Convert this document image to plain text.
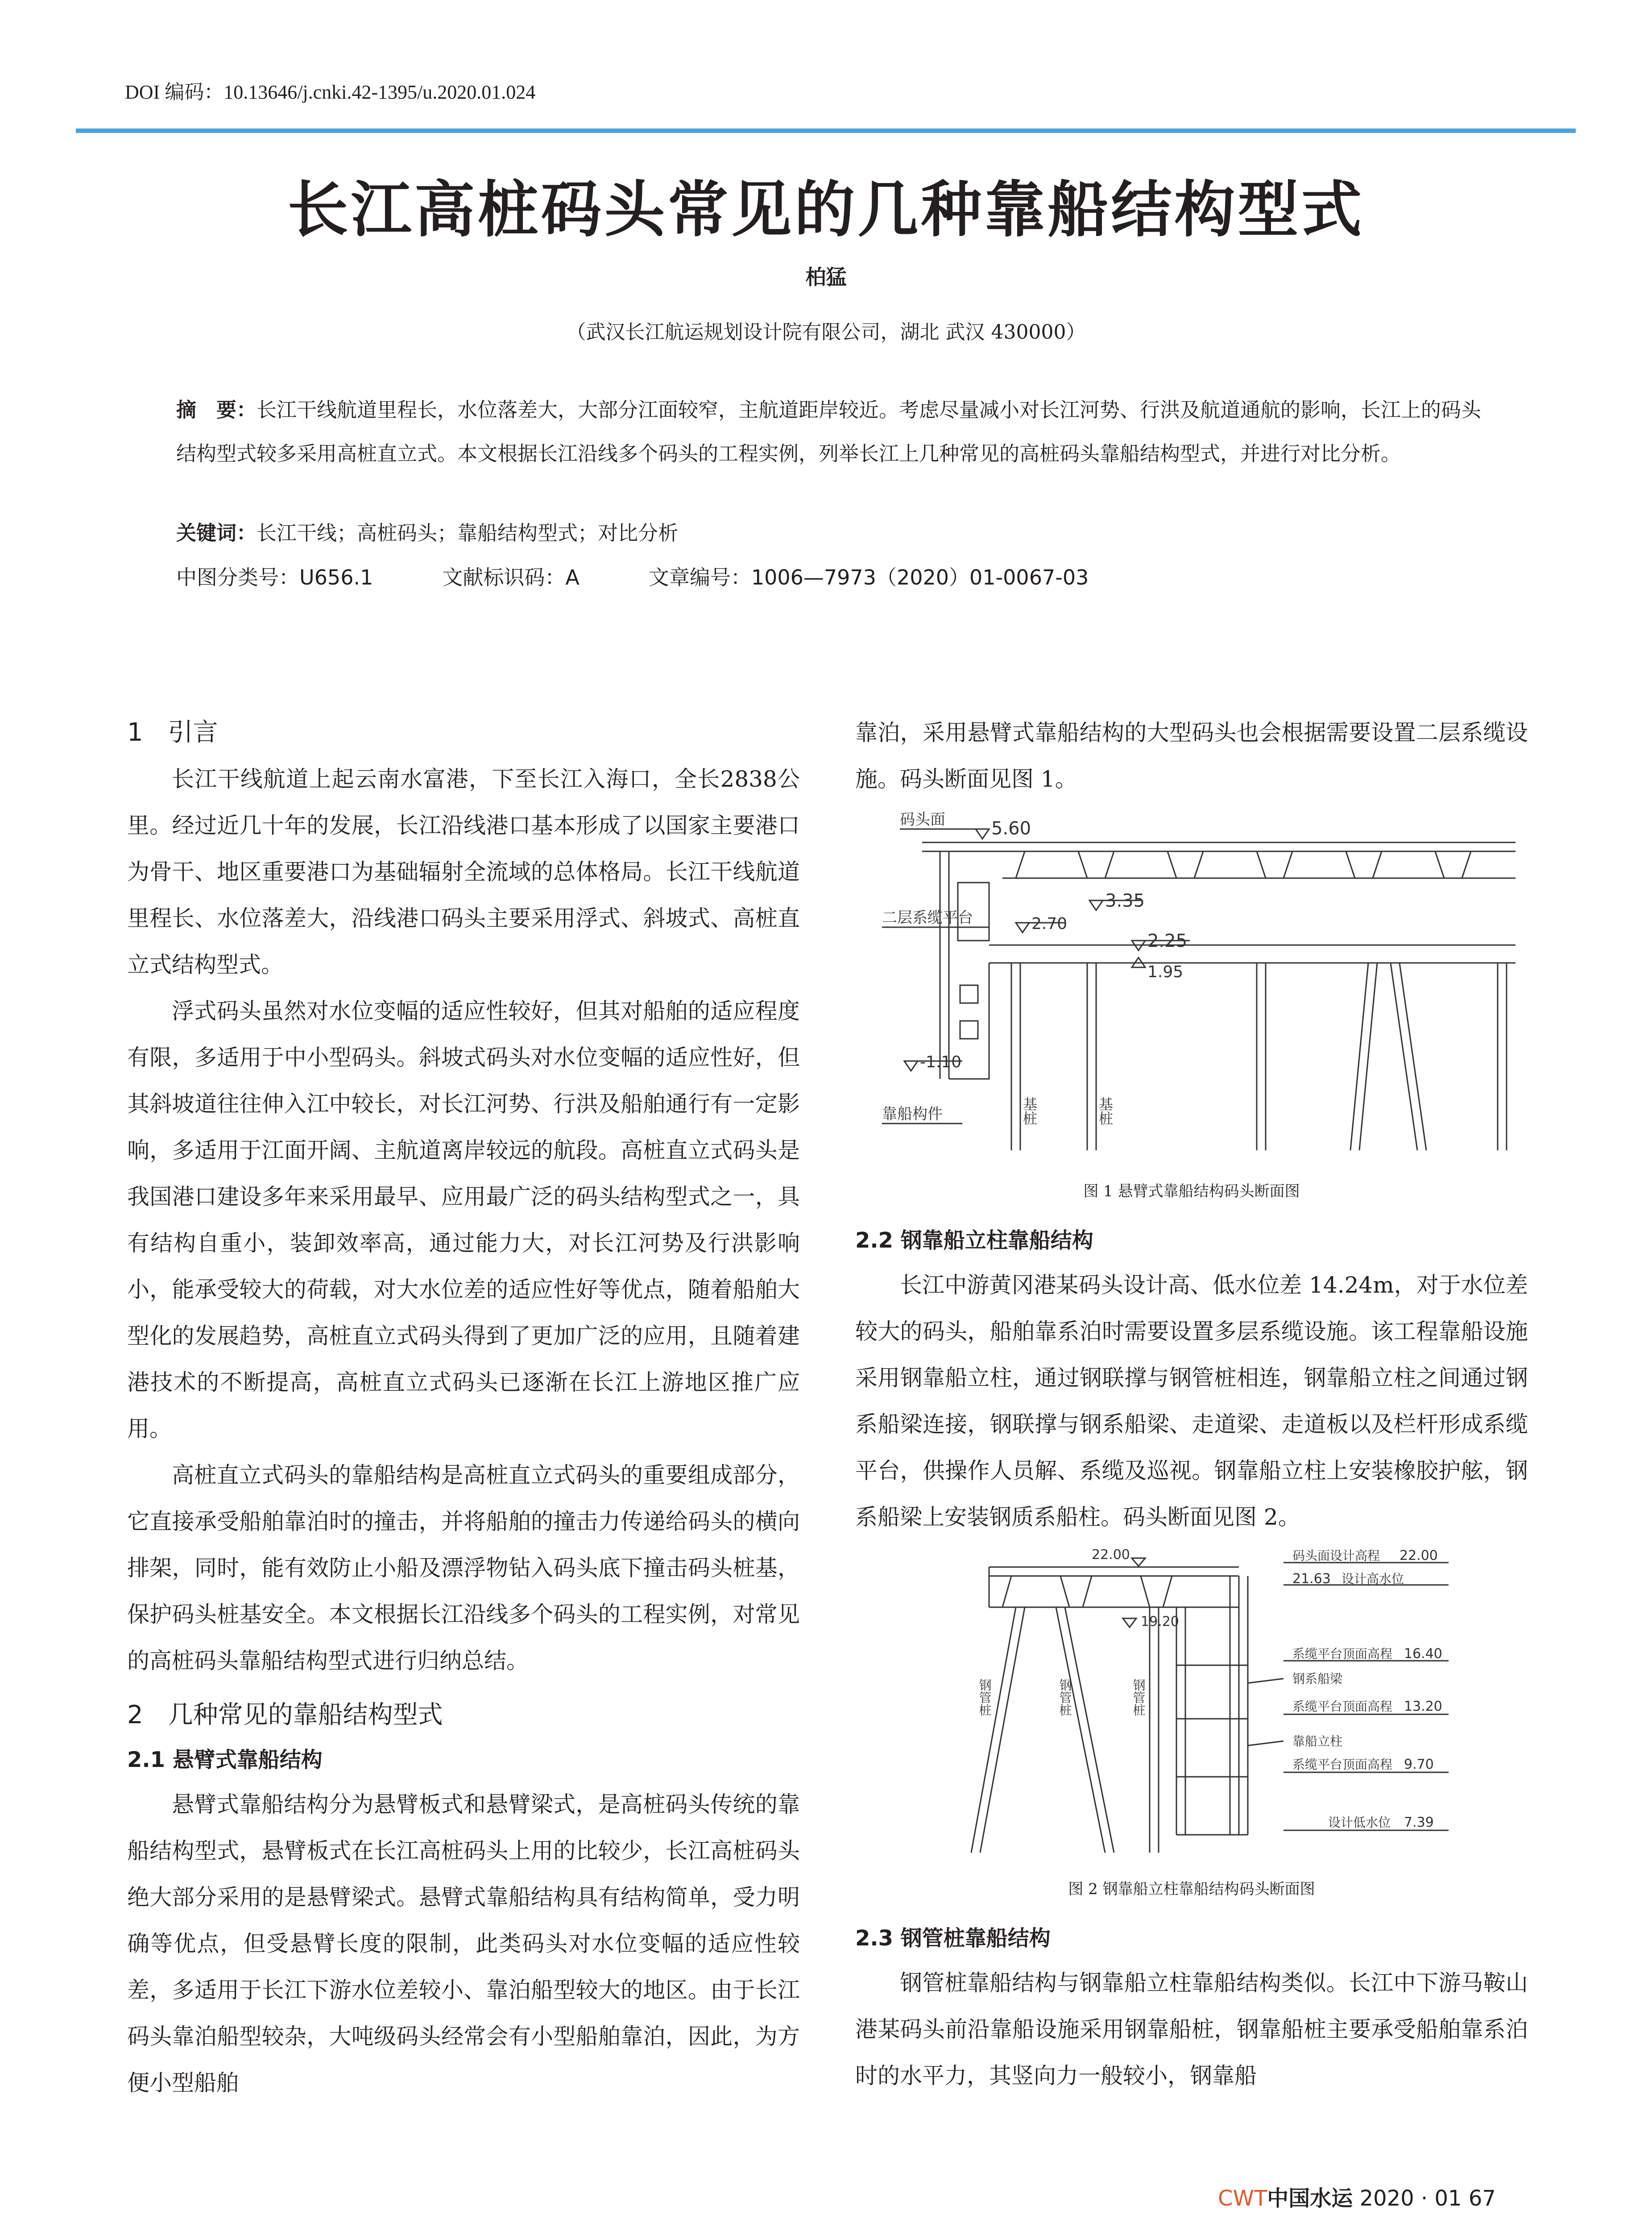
DOI 编码：10.13646/j.cnki.42-1395/u.2020.01.024
长江高桩码头常见的几种靠船结构型式
柏猛
（武汉长江航运规划设计院有限公司，湖北 武汉 430000）
摘　要：长江干线航道里程长，水位落差大，大部分江面较窄，主航道距岸较近。考虑尽量减小对长江河势、行洪及航道通航的影响，长江上的码头结构型式较多采用高桩直立式。本文根据长江沿线多个码头的工程实例，列举长江上几种常见的高桩码头靠船结构型式，并进行对比分析。
关键词：长江干线；高桩码头；靠船结构型式；对比分析
中图分类号：U656.1	文献标识码：A	文章编号：1006—7973（2020）01-0067-03
1　引言

长江干线航道上起云南水富港，下至长江入海口，全长2838公里。经过近几十年的发展，长江沿线港口基本形成了以国家主要港口为骨干、地区重要港口为基础辐射全流域的总体格局。长江干线航道里程长、水位落差大，沿线港口码头主要采用浮式、斜坡式、高桩直立式结构型式。

浮式码头虽然对水位变幅的适应性较好，但其对船舶的适应程度有限，多适用于中小型码头。斜坡式码头对水位变幅的适应性好，但其斜坡道往往伸入江中较长，对长江河势、行洪及船舶通行有一定影响，多适用于江面开阔、主航道离岸较远的航段。高桩直立式码头是我国港口建设多年来采用最早、应用最广泛的码头结构型式之一，具有结构自重小，装卸效率高，通过能力大，对长江河势及行洪影响小，能承受较大的荷载，对大水位差的适应性好等优点，随着船舶大型化的发展趋势，高桩直立式码头得到了更加广泛的应用，且随着建港技术的不断提高，高桩直立式码头已逐渐在长江上游地区推广应用。

高桩直立式码头的靠船结构是高桩直立式码头的重要组成部分，它直接承受船舶靠泊时的撞击，并将船舶的撞击力传递给码头的横向排架，同时，能有效防止小船及漂浮物钻入码头底下撞击码头桩基，保护码头桩基安全。本文根据长江沿线多个码头的工程实例，对常见的高桩码头靠船结构型式进行归纳总结。

2　几种常见的靠船结构型式
2.1 悬臂式靠船结构

悬臂式靠船结构分为悬臂板式和悬臂梁式，是高桩码头传统的靠船结构型式，悬臂板式在长江高桩码头上用的比较少，长江高桩码头绝大部分采用的是悬臂梁式。悬臂式靠船结构具有结构简单，受力明确等优点，但受悬臂长度的限制，此类码头对水位变幅的适应性较差，多适用于长江下游水位差较小、靠泊船型较大的地区。由于长江码头靠泊船型较杂，大吨级码头经常会有小型船舶靠泊，因此，为方便小型船舶

靠泊，采用悬臂式靠船结构的大型码头也会根据需要设置二层系缆设施。码头断面见图 1。

码头面	5.60
3.35
二层系缆平台	2.70
2.25
1.95
-1.10
靠船构件	基桩	基桩
图 1 悬臂式靠船结构码头断面图
2.2 钢靠船立柱靠船结构

长江中游黄冈港某码头设计高、低水位差 14.24m，对于水位差较大的码头，船舶靠系泊时需要设置多层系缆设施。该工程靠船设施采用钢靠船立柱，通过钢联撑与钢管桩相连，钢靠船立柱之间通过钢系船梁连接，钢联撑与钢系船梁、走道梁、走道板以及栏杆形成系缆平台，供操作人员解、系缆及巡视。钢靠船立柱上安装橡胶护舷，钢系船梁上安装钢质系船柱。码头断面见图 2。

22.00	码头面设计高程 22.00
21.63 设计高水位
19.20
系缆平台顶面高程 16.40
钢系船梁
系缆平台顶面高程 13.20
靠船立柱
系缆平台顶面高程 9.70
设计低水位 7.39
钢管桩	钢管桩	钢管桩
图 2 钢靠船立柱靠船结构码头断面图
2.3 钢管桩靠船结构

钢管桩靠船结构与钢靠船立柱靠船结构类似。长江中下游马鞍山港某码头前沿靠船设施采用钢靠船桩，钢靠船桩主要承受船舶靠系泊时的水平力，其竖向力一般较小，钢靠船

CWT中国水运 2020 · 01 67
